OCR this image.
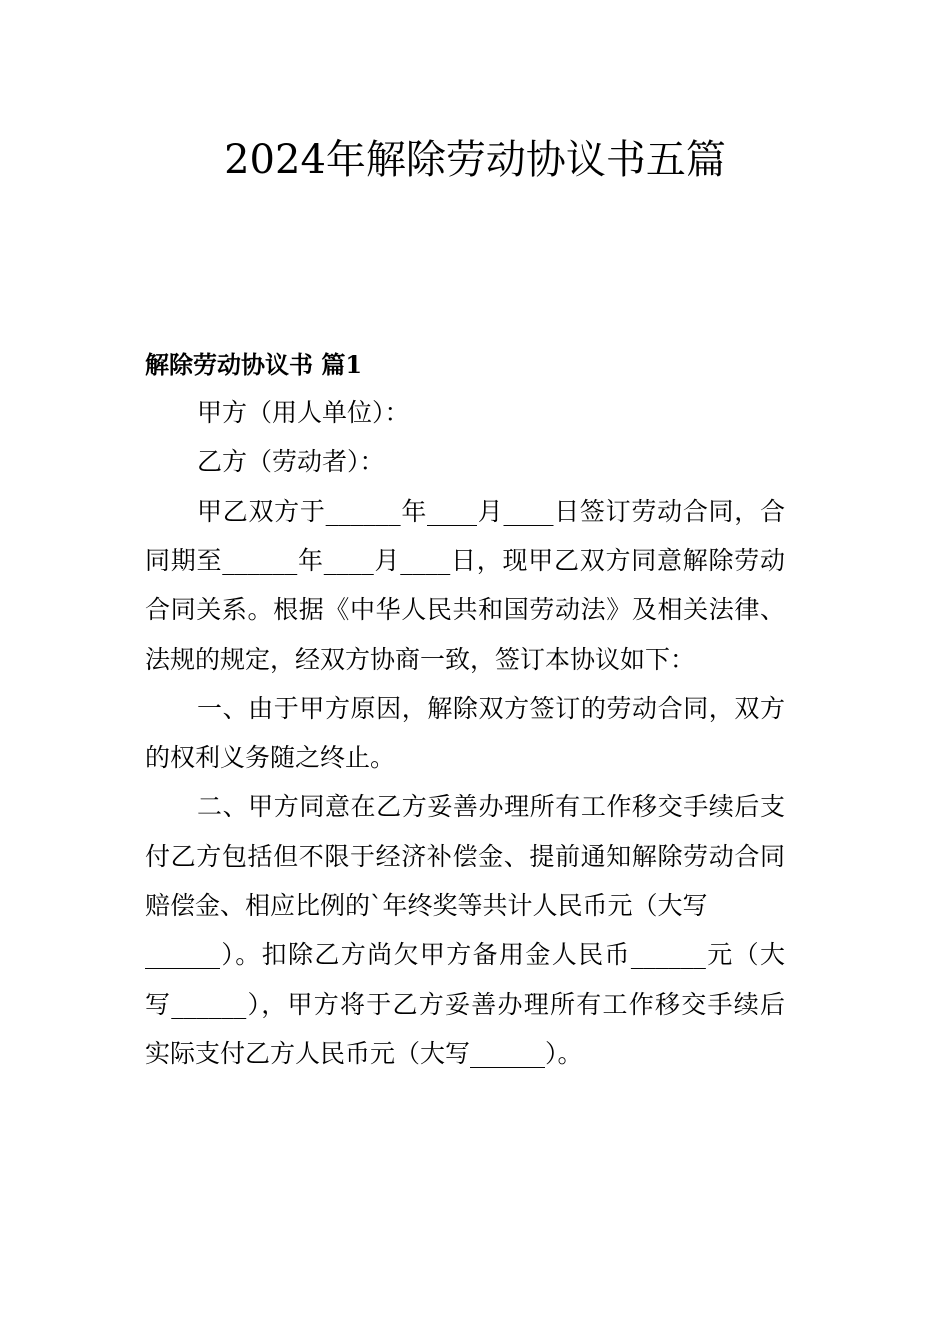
2024年解除劳动协议书五篇
解除劳动协议书 篇1
甲方（用人单位）：
乙方（劳动者）：
甲乙双方于______年____月____日签订劳动合同，合
同期至______年____月____日，现甲乙双方同意解除劳动
合同关系。根据《中华人民共和国劳动法》及相关法律、
法规的规定，经双方协商一致，签订本协议如下：
一、由于甲方原因，解除双方签订的劳动合同，双方
的权利义务随之终止。
二、甲方同意在乙方妥善办理所有工作移交手续后支
付乙方包括但不限于经济补偿金、提前通知解除劳动合同
赔偿金、相应比例的`年终奖等共计人民币元（大写
______）。扣除乙方尚欠甲方备用金人民币______元（大
写______），甲方将于乙方妥善办理所有工作移交手续后
实际支付乙方人民币元（大写______）。
